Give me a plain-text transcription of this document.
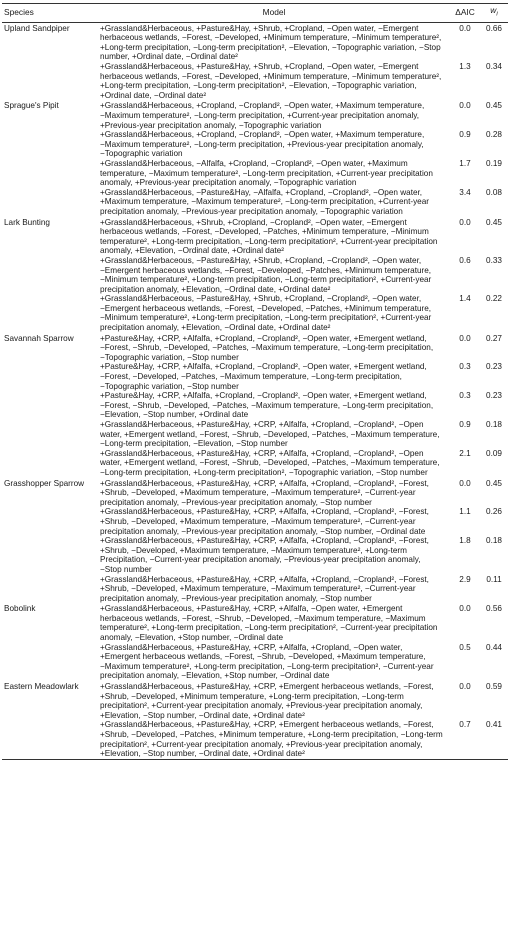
Species	Model	ΔAIC	$w_i$
Upland Sandpiper	+Grassland&Herbaceous, +Pasture&Hay, +Shrub, +Cropland, −Open water, −Emergent herbaceous wetlands, −Forest, −Developed, +Minimum temperature, −Minimum temperature², +Long-term precipitation, −Long-term precipitation², −Elevation, −Topographic variation, −Stop number, +Ordinal date, −Ordinal date²	0.0	0.66
	+Grassland&Herbaceous, +Pasture&Hay, +Shrub, +Cropland, −Open water, −Emergent herbaceous wetlands, −Forest, −Developed, +Minimum temperature, −Minimum temperature², +Long-term precipitation, −Long-term precipitation², −Elevation, −Topographic variation, +Ordinal date, −Ordinal date²	1.3	0.34
Sprague's Pipit	+Grassland&Herbaceous, +Cropland, −Cropland², −Open water, +Maximum temperature, −Maximum temperature², −Long-term precipitation, +Current-year precipitation anomaly, +Previous-year precipitation anomaly, −Topographic variation	0.0	0.45
	+Grassland&Herbaceous, +Cropland, −Cropland², −Open water, +Maximum temperature, −Maximum temperature², −Long-term precipitation, +Previous-year precipitation anomaly, −Topographic variation	0.9	0.28
	+Grassland&Herbaceous, −Alfalfa, +Cropland, −Cropland², −Open water, +Maximum temperature, −Maximum temperature², −Long-term precipitation, +Current-year precipitation anomaly, +Previous-year precipitation anomaly, −Topographic variation	1.7	0.19
	+Grassland&Herbaceous, −Pasture&Hay, −Alfalfa, +Cropland, −Cropland², −Open water, +Maximum temperature, −Maximum temperature², −Long-term precipitation, +Current-year precipitation anomaly, −Previous-year precipitation anomaly, −Topographic variation	3.4	0.08
Lark Bunting	+Grassland&Herbaceous, +Shrub, +Cropland, −Cropland², −Open water, −Emergent herbaceous wetlands, −Forest, −Developed, −Patches, +Minimum temperature, −Minimum temperature², +Long-term precipitation, −Long-term precipitation², +Current-year precipitation anomaly, +Elevation, −Ordinal date, +Ordinal date²	0.0	0.45
	+Grassland&Herbaceous, −Pasture&Hay, +Shrub, +Cropland, −Cropland², −Open water, −Emergent herbaceous wetlands, −Forest, −Developed, −Patches, +Minimum temperature, −Minimum temperature², +Long-term precipitation, −Long-term precipitation², +Current-year precipitation anomaly, +Elevation, −Ordinal date, +Ordinal date²	0.6	0.33
	+Grassland&Herbaceous, −Pasture&Hay, +Shrub, +Cropland, −Cropland², −Open water, −Emergent herbaceous wetlands, −Forest, −Developed, −Patches, +Minimum temperature, −Minimum temperature², +Long-term precipitation, −Long-term precipitation², +Current-year precipitation anomaly, +Elevation, −Ordinal date, +Ordinal date²	1.4	0.22
Savannah Sparrow	+Pasture&Hay, +CRP, +Alfalfa, +Cropland, −Cropland², −Open water, +Emergent wetland, −Forest, −Shrub, −Developed, −Patches, −Maximum temperature, −Long-term precipitation, −Topographic variation, −Stop number	0.0	0.27
	+Pasture&Hay, +CRP, +Alfalfa, +Cropland, −Cropland², −Open water, +Emergent wetland, −Forest, −Developed, −Patches, −Maximum temperature, −Long-term precipitation, −Topographic variation, −Stop number	0.3	0.23
	+Pasture&Hay, +CRP, +Alfalfa, +Cropland, −Cropland², −Open water, +Emergent wetland, −Forest, −Shrub, −Developed, −Patches, −Maximum temperature, −Long-term precipitation, −Elevation, −Stop number, +Ordinal date	0.3	0.23
	+Grassland&Herbaceous, +Pasture&Hay, +CRP, +Alfalfa, +Cropland, −Cropland², −Open water, +Emergent wetland, −Forest, −Shrub, −Developed, −Patches, −Maximum temperature, −Long-term precipitation, −Elevation, −Stop number	0.9	0.18
	+Grassland&Herbaceous, +Pasture&Hay, +CRP, +Alfalfa, +Cropland, −Cropland², −Open water, +Emergent wetland, −Forest, −Shrub, −Developed, −Patches, −Maximum temperature, −Long-term precipitation, +Long-term precipitation², −Topographic variation, −Stop number	2.1	0.09
Grasshopper Sparrow	+Grassland&Herbaceous, +Pasture&Hay, +CRP, +Alfalfa, +Cropland, −Cropland², −Forest, +Shrub, −Developed, +Maximum temperature, −Maximum temperature², −Current-year precipitation anomaly, −Previous-year precipitation anomaly, −Stop number	0.0	0.45
	+Grassland&Herbaceous, +Pasture&Hay, +CRP, +Alfalfa, +Cropland, −Cropland², −Forest, +Shrub, −Developed, +Maximum temperature, −Maximum temperature², −Current-year precipitation anomaly, −Previous-year precipitation anomaly, −Stop number, −Ordinal date	1.1	0.26
	+Grassland&Herbaceous, +Pasture&Hay, +CRP, +Alfalfa, +Cropland, −Cropland², −Forest, +Shrub, −Developed, +Maximum temperature, −Maximum temperature², +Long-term Precipitation, −Current-year precipitation anomaly, −Previous-year precipitation anomaly, −Stop number	1.8	0.18
	+Grassland&Herbaceous, +Pasture&Hay, +CRP, +Alfalfa, +Cropland, −Cropland², −Forest, +Shrub, −Developed, +Maximum temperature, −Maximum temperature², −Current-year precipitation anomaly, −Previous-year precipitation anomaly, −Stop number	2.9	0.11
Bobolink	+Grassland&Herbaceous, +Pasture&Hay, +CRP, +Alfalfa, −Open water, +Emergent herbaceous wetlands, −Forest, −Shrub, −Developed, −Maximum temperature, −Maximum temperature², +Long-term precipitation, −Long-term precipitation², −Current-year precipitation anomaly, −Elevation, +Stop number, −Ordinal date	0.0	0.56
	+Grassland&Herbaceous, +Pasture&Hay, +CRP, +Alfalfa, +Cropland, −Open water, +Emergent herbaceous wetlands, −Forest, −Shrub, −Developed, +Maximum temperature, −Maximum temperature², +Long-term precipitation, −Long-term precipitation², −Current-year precipitation anomaly, −Elevation, +Stop number, −Ordinal date	0.5	0.44
Eastern Meadowlark	+Grassland&Herbaceous, +Pasture&Hay, +CRP, +Emergent herbaceous wetlands, −Forest, +Shrub, −Developed, +Minimum temperature, +Long-term precipitation, −Long-term precipitation², +Current-year precipitation anomaly, +Previous-year precipitation anomaly, +Elevation, −Stop number, −Ordinal date, +Ordinal date²	0.0	0.59
	+Grassland&Herbaceous, +Pasture&Hay, +CRP, +Emergent herbaceous wetlands, −Forest, +Shrub, −Developed, −Patches, +Minimum temperature, +Long-term precipitation, −Long-term precipitation², +Current-year precipitation anomaly, +Previous-year precipitation anomaly, +Elevation, −Stop number, −Ordinal date, +Ordinal date²	0.7	0.41
